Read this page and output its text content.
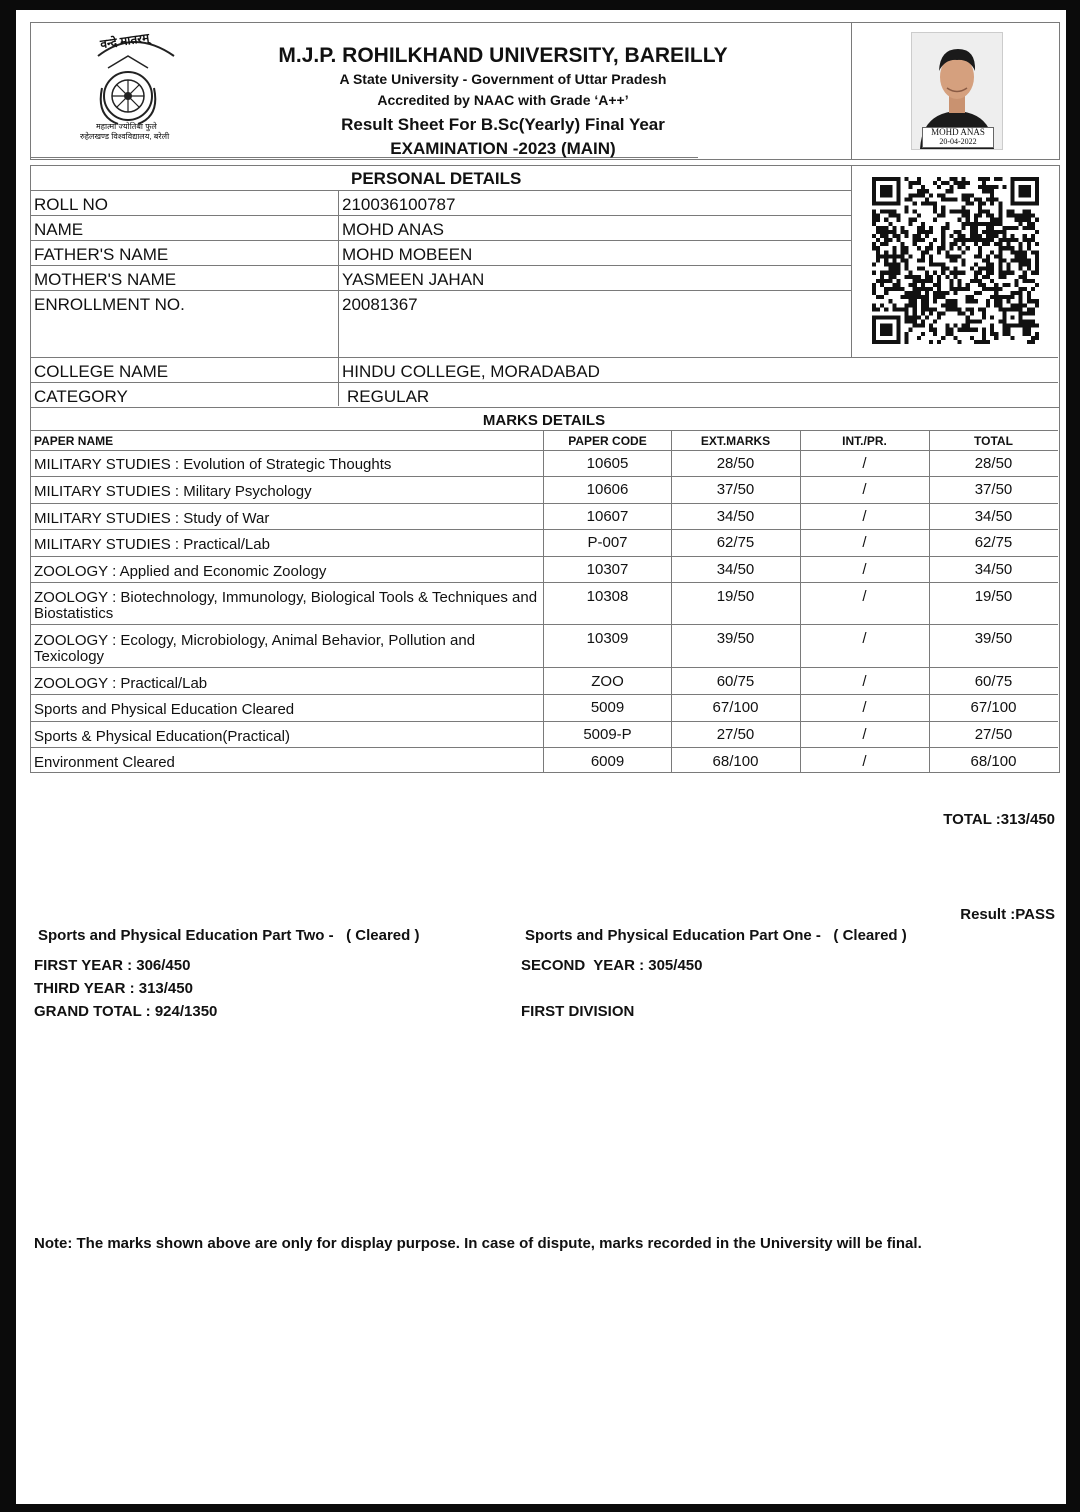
वन्दे मातरम्
महात्मा ज्योतिबा फुले
रुहेलखण्ड विश्वविद्यालय, बरेली
M.J.P. ROHILKHAND UNIVERSITY, BAREILLY
A State University - Government of Uttar Pradesh
Accredited by NAAC with Grade ‘A++’
Result Sheet For B.Sc(Yearly) Final Year
EXAMINATION -2023 (MAIN)
MOHD ANAS
20-04-2022
PERSONAL DETAILS
ROLL NO	210036100787
NAME	MOHD ANAS
FATHER'S NAME	MOHD MOBEEN
MOTHER'S NAME	YASMEEN JAHAN
ENROLLMENT NO.	20081367
COLLEGE NAME	HINDU COLLEGE, MORADABAD
CATEGORY	REGULAR
MARKS DETAILS
PAPER NAME	PAPER CODE	EXT.MARKS	INT./PR.	TOTAL
MILITARY STUDIES : Evolution of Strategic Thoughts	10605	28/50	/	28/50
MILITARY STUDIES : Military Psychology	10606	37/50	/	37/50
MILITARY STUDIES : Study of War	10607	34/50	/	34/50
MILITARY STUDIES : Practical/Lab	P-007	62/75	/	62/75
ZOOLOGY : Applied and Economic Zoology	10307	34/50	/	34/50
ZOOLOGY : Biotechnology, Immunology, Biological Tools & Techniques and Biostatistics
10308	19/50	/	19/50
ZOOLOGY : Ecology, Microbiology, Animal Behavior, Pollution and Texicology
10309	39/50	/	39/50
ZOOLOGY : Practical/Lab	ZOO	60/75	/	60/75
Sports and Physical Education Cleared	5009	67/100	/	67/100
Sports & Physical Education(Practical)	5009-P	27/50	/	27/50
Environment Cleared	6009	68/100	/	68/100
TOTAL :313/450
Result :PASS
Sports and Physical Education Part Two -   ( Cleared )	Sports and Physical Education Part One -   ( Cleared )
FIRST YEAR : 306/450	SECOND  YEAR : 305/450
THIRD YEAR : 313/450
GRAND TOTAL : 924/1350	FIRST DIVISION
Note: The marks shown above are only for display purpose. In case of dispute, marks recorded in the University will be final.
